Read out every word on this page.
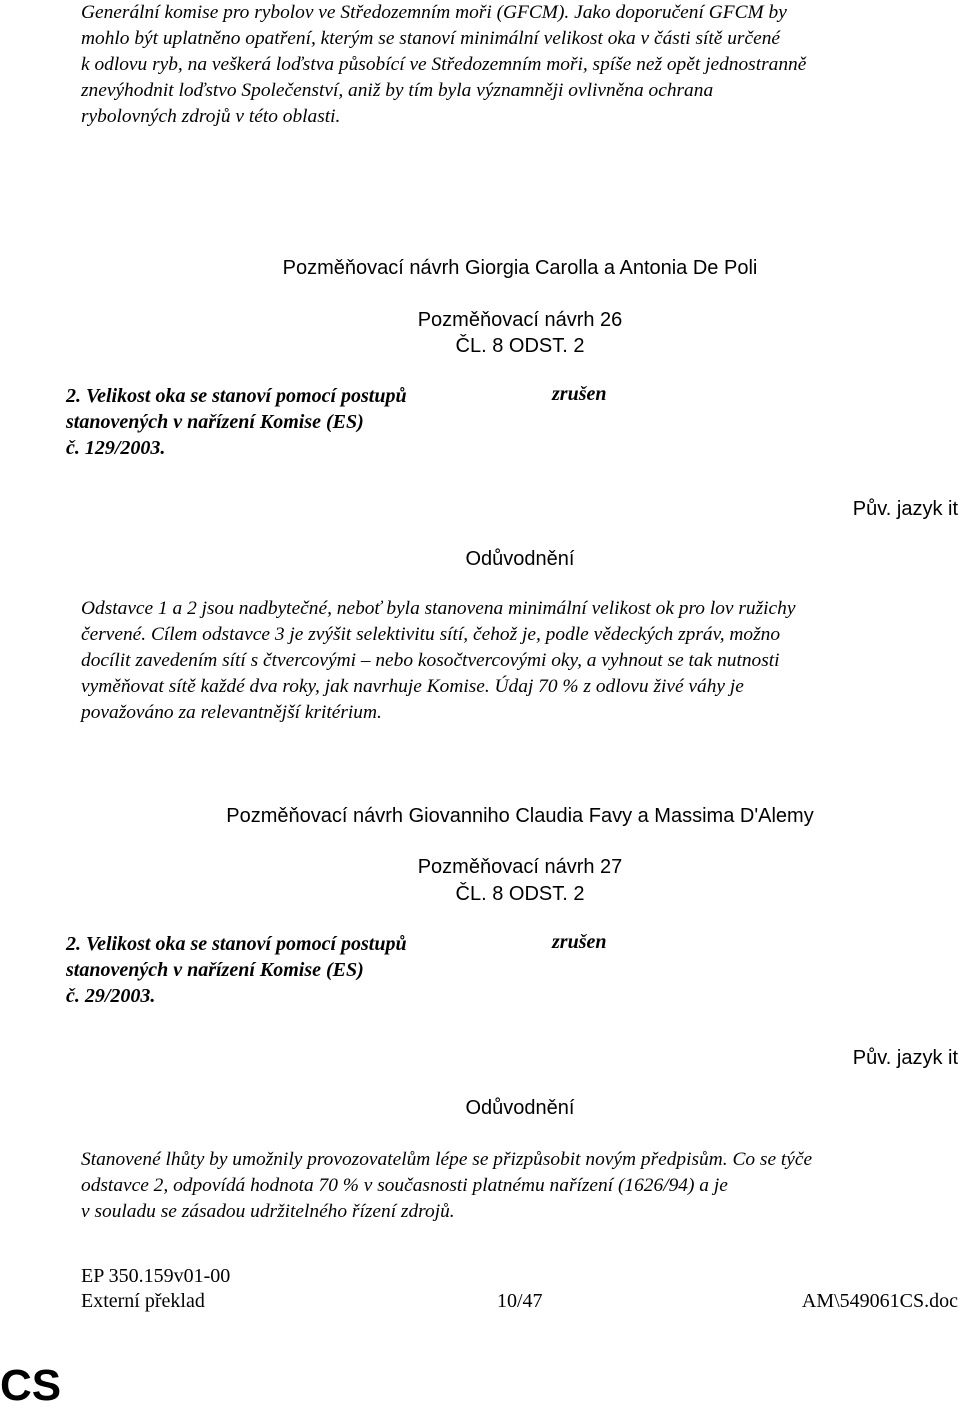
Generální komise pro rybolov ve Středozemním moři (GFCM). Jako doporučení GFCM by
mohlo být uplatněno opatření, kterým se stanoví minimální velikost oka v části sítě určené
k odlovu ryb, na veškerá loďstva působící ve Středozemním moři, spíše než opět jednostranně
znevýhodnit loďstvo Společenství, aniž by tím byla významněji ovlivněna ochrana
rybolovných zdrojů v této oblasti.
Pozměňovací návrh Giorgia Carolla a Antonia De Poli
Pozměňovací návrh 26
ČL. 8 ODST. 2
2. Velikost oka se stanoví pomocí postupů
stanovených v nařízení Komise (ES)
č. 129/2003.
zrušen
Pův. jazyk it
Odůvodnění
Odstavce 1 a 2 jsou nadbytečné, neboť byla stanovena minimální velikost ok pro lov ružichy
červené. Cílem odstavce 3 je zvýšit selektivitu sítí, čehož je, podle vědeckých zpráv, možno
docílit zavedením sítí s čtvercovými – nebo kosočtvercovými oky, a vyhnout se tak nutnosti
vyměňovat sítě každé dva roky, jak navrhuje Komise. Údaj 70 % z odlovu živé váhy je
považováno za relevantnější kritérium.
Pozměňovací návrh Giovanniho Claudia Favy a Massima D'Alemy
Pozměňovací návrh 27
ČL. 8 ODST. 2
2. Velikost oka se stanoví pomocí postupů
stanovených v nařízení Komise (ES)
č. 29/2003.
zrušen
Pův. jazyk it
Odůvodnění
Stanovené lhůty by umožnily provozovatelům lépe se přizpůsobit novým předpisům. Co se týče
odstavce 2, odpovídá hodnota 70 % v současnosti platnému nařízení (1626/94) a je
v souladu se zásadou udržitelného řízení zdrojů.
EP 350.159v01-00
Externí překlad	10/47	AM\549061CS.doc
CS
